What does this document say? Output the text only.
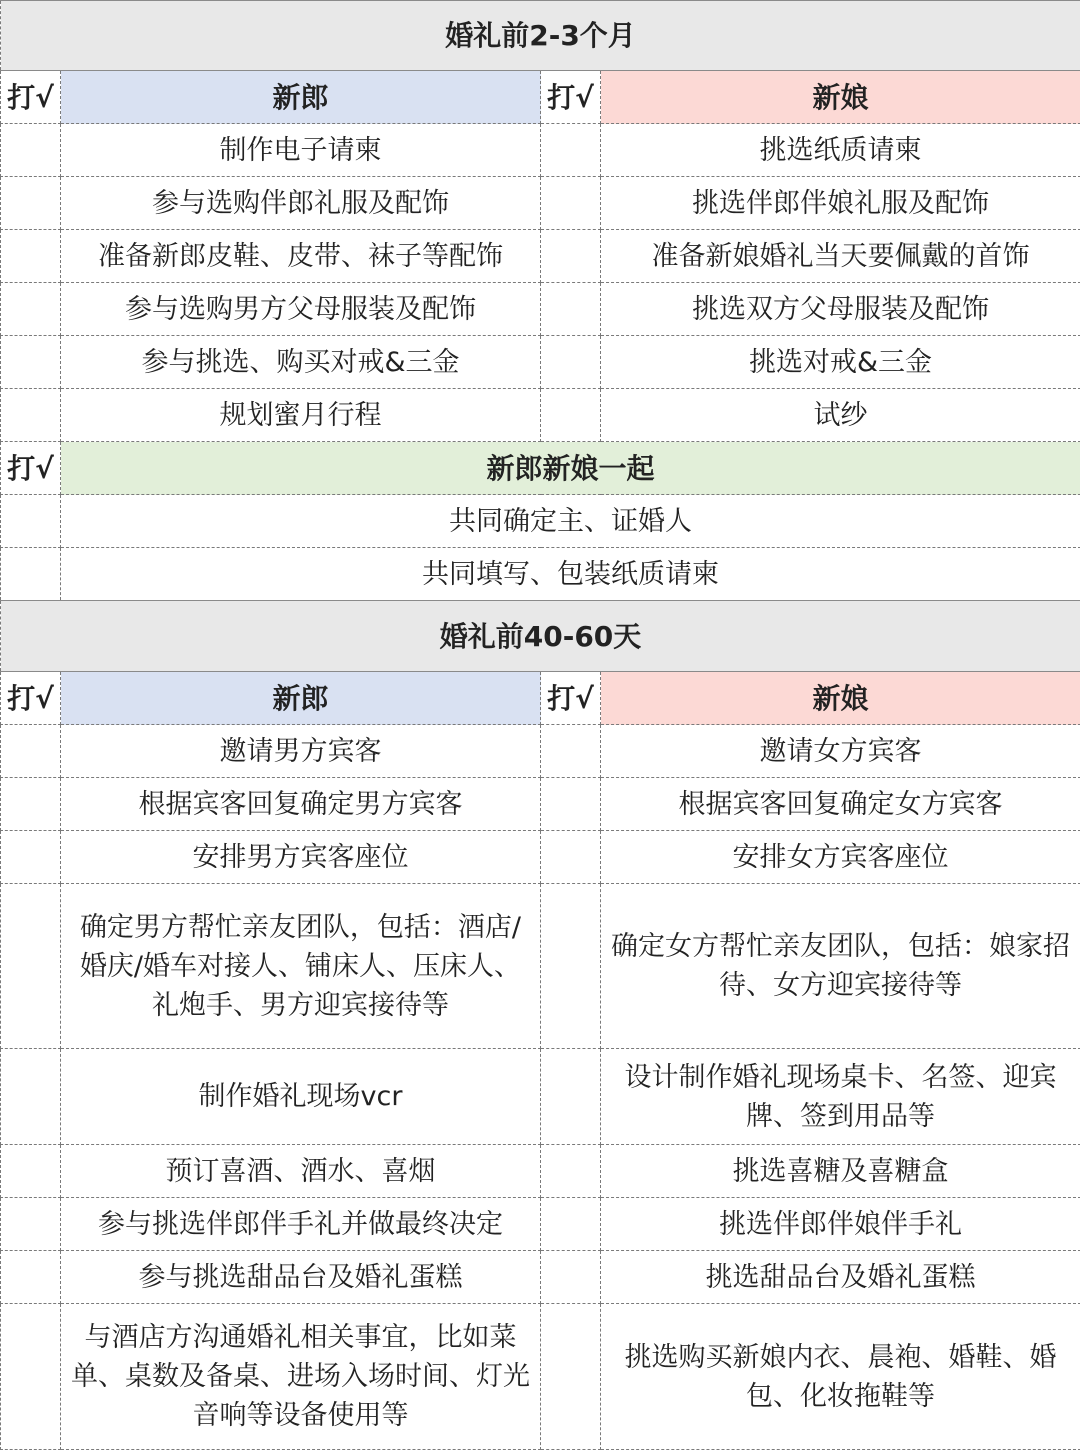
婚礼前2-3个月			
打√	新郎	打√	新娘
	制作电子请柬		挑选纸质请柬
	参与选购伴郎礼服及配饰		挑选伴郎伴娘礼服及配饰
	准备新郎皮鞋、皮带、袜子等配饰		准备新娘婚礼当天要佩戴的首饰
	参与选购男方父母服装及配饰		挑选双方父母服装及配饰
	参与挑选、购买对戒&三金		挑选对戒&三金
	规划蜜月行程		试纱
打√	新郎新娘一起		
	共同确定主、证婚人		
	共同填写、包装纸质请柬		
婚礼前40-60天			
打√	新郎	打√	新娘
	邀请男方宾客		邀请女方宾客
	根据宾客回复确定男方宾客		根据宾客回复确定女方宾客
	安排男方宾客座位		安排女方宾客座位
	确定男方帮忙亲友团队，包括：酒店/婚庆/婚车对接人、铺床人、压床人、礼炮手、男方迎宾接待等		确定女方帮忙亲友团队，包括：娘家招待、女方迎宾接待等
	制作婚礼现场vcr		设计制作婚礼现场桌卡、名签、迎宾牌、签到用品等
	预订喜酒、酒水、喜烟		挑选喜糖及喜糖盒
	参与挑选伴郎伴手礼并做最终决定		挑选伴郎伴娘伴手礼
	参与挑选甜品台及婚礼蛋糕		挑选甜品台及婚礼蛋糕
	与酒店方沟通婚礼相关事宜，比如菜单、桌数及备桌、进场入场时间、灯光音响等设备使用等		挑选购买新娘内衣、晨袍、婚鞋、婚包、化妆拖鞋等
